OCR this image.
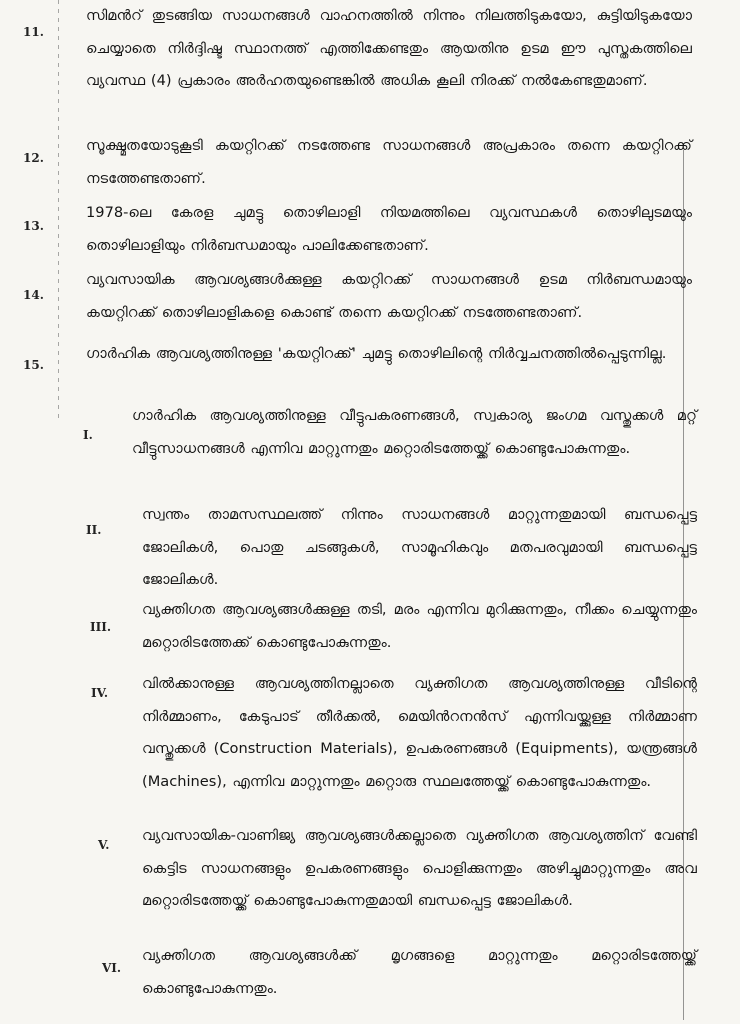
11.
സിമൻറ് തുടങ്ങിയ സാധനങ്ങൾ വാഹനത്തിൽ നിന്നും നിലത്തിടുകയോ, കുട്ടിയിടുകയോ ചെയ്യാതെ നിർദ്ദിഷ്ട സ്ഥാനത്ത് എത്തിക്കേണ്ടതും ആയതിനു ഉടമ ഈ പുസ്തകത്തിലെ വ്യവസ്ഥ (4) പ്രകാരം അർഹതയുണ്ടെങ്കിൽ അധിക കൂലി നിരക്ക് നൽകേണ്ടതുമാണ്.
12.
സൂക്ഷ്മതയോടുകൂടി കയറ്റിറക്ക് നടത്തേണ്ട സാധനങ്ങൾ അപ്രകാരം തന്നെ കയറ്റിറക്ക് നടത്തേണ്ടതാണ്.
13.
1978-ലെ കേരള ചുമട്ടു തൊഴിലാളി നിയമത്തിലെ വ്യവസ്ഥകൾ തൊഴിലുടമയും തൊഴിലാളിയും നിർബന്ധമായും പാലിക്കേണ്ടതാണ്.
14.
വ്യവസായിക ആവശ്യങ്ങൾക്കുള്ള കയറ്റിറക്ക് സാധനങ്ങൾ ഉടമ നിർബന്ധമായും കയറ്റിറക്ക് തൊഴിലാളികളെ കൊണ്ട് തന്നെ കയറ്റിറക്ക് നടത്തേണ്ടതാണ്.
15.
ഗാർഹിക ആവശ്യത്തിനുള്ള 'കയറ്റിറക്ക്' ചുമട്ടു തൊഴിലിന്റെ നിർവ്വചനത്തിൽപ്പെടുന്നില്ല.
I.
ഗാർഹിക ആവശ്യത്തിനുള്ള വീട്ടുപകരണങ്ങൾ, സ്വകാര്യ ജംഗമ വസ്തുക്കൾ മറ്റ് വീട്ടുസാധനങ്ങൾ എന്നിവ മാറ്റുന്നതും മറ്റൊരിടത്തേയ്ക്ക് കൊണ്ടുപോകുന്നതും.
II.
സ്വന്തം താമസസ്ഥലത്ത് നിന്നും സാധനങ്ങൾ മാറ്റുന്നതുമായി ബന്ധപ്പെട്ട ജോലികൾ, പൊതു ചടങ്ങുകൾ, സാമൂഹികവും മതപരവുമായി ബന്ധപ്പെട്ട ജോലികൾ.
III.
വ്യക്തിഗത ആവശ്യങ്ങൾക്കുള്ള തടി, മരം എന്നിവ മുറിക്കുന്നതും, നീക്കം ചെയ്യുന്നതും മറ്റൊരിടത്തേക്ക് കൊണ്ടുപോകുന്നതും.
IV.
വിൽക്കാനുള്ള ആവശ്യത്തിനല്ലാതെ വ്യക്തിഗത ആവശ്യത്തിനുള്ള വീടിന്റെ നിർമ്മാണം, കേടുപാട് തീർക്കൽ, മെയിൻറനൻസ് എന്നിവയ്ക്കുള്ള നിർമ്മാണ വസ്തുക്കൾ (Construction Materials), ഉപകരണങ്ങൾ (Equipments), യന്ത്രങ്ങൾ (Machines), എന്നിവ മാറ്റുന്നതും മറ്റൊരു സ്ഥലത്തേയ്ക്ക് കൊണ്ടുപോകുന്നതും.
V.
വ്യവസായിക-വാണിജ്യ ആവശ്യങ്ങൾക്കല്ലാതെ വ്യക്തിഗത ആവശ്യത്തിന് വേണ്ടി കെട്ടിട സാധനങ്ങളും ഉപകരണങ്ങളും പൊളിക്കുന്നതും അഴിച്ചുമാറ്റുന്നതും അവ മറ്റൊരിടത്തേയ്ക്ക് കൊണ്ടുപോകുന്നതുമായി ബന്ധപ്പെട്ട ജോലികൾ.
VI.
വ്യക്തിഗത ആവശ്യങ്ങൾക്ക് മൃഗങ്ങളെ മാറ്റുന്നതും മറ്റൊരിടത്തേയ്ക്ക് കൊണ്ടുപോകുന്നതും.
